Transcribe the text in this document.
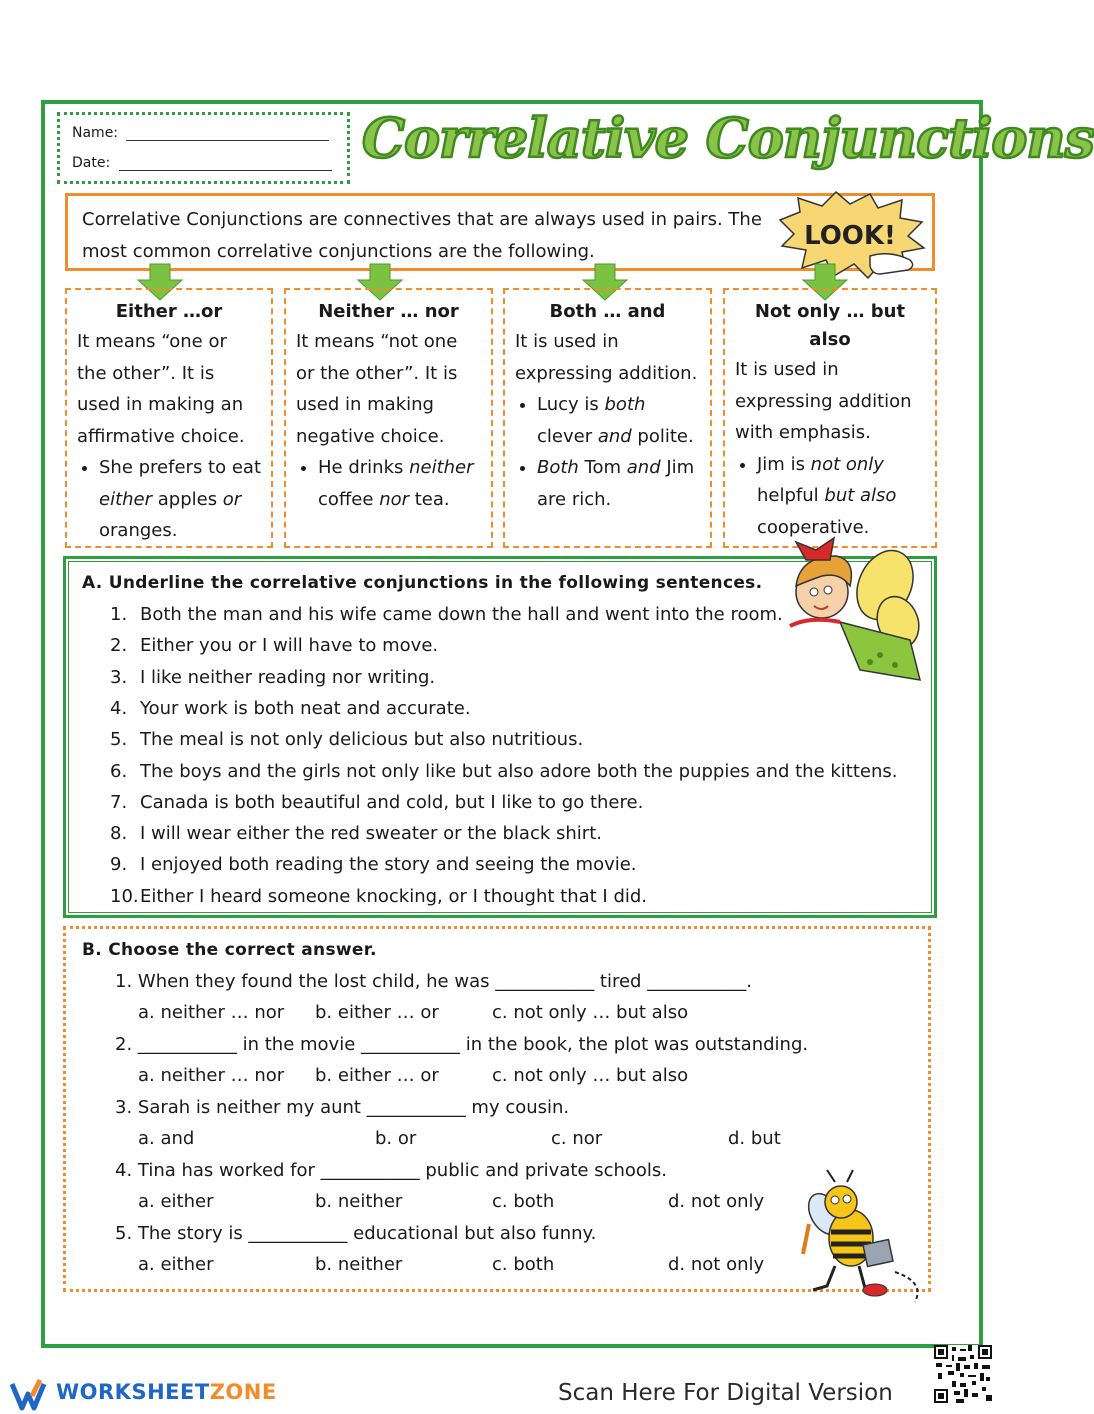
Name:
Date:	Correlative Conjunctions

Correlative Conjunctions are connectives that are always used in pairs. The most common correlative conjunctions are the following.

LOOK!
Either …or

It means “one or the other”. It is used in making an affirmative choice.

• She prefers to eat either apples or oranges.
Neither … nor

It means “not one or the other”. It is used in making negative choice.

• He drinks neither coffee nor tea.
Both … and

It is used in expressing addition.

• Lucy is both clever and polite.
• Both Tom and Jim are rich.
Not only … but also

It is used in expressing addition with emphasis.

• Jim is not only helpful but also cooperative.
A. Underline the correlative conjunctions in the following sentences.
1. Both the man and his wife came down the hall and went into the room.
2. Either you or I will have to move.
3. I like neither reading nor writing.
4. Your work is both neat and accurate.
5. The meal is not only delicious but also nutritious.
6. The boys and the girls not only like but also adore both the puppies and the kittens.
7. Canada is both beautiful and cold, but I like to go there.
8. I will wear either the red sweater or the black shirt.
9. I enjoyed both reading the story and seeing the movie.
10.Either I heard someone knocking, or I thought that I did.
B. Choose the correct answer.
1. When they found the lost child, he was ___________ tired ___________.
a. neither … nor b. either … or	c. not only … but also
2. ___________ in the movie ___________ in the book, the plot was outstanding.
a. neither … nor b. either … or	c. not only … but also
3. Sarah is neither my aunt ___________ my cousin.
a. and	b. or	c. nor	d. but
4. Tina has worked for ___________ public and private schools.
a. either	b. neither	c. both	d. not only
5. The story is ___________ educational but also funny.
a. either	b. neither	c. both	d. not only
WORKSHEETZONE	Scan Here For Digital Version
